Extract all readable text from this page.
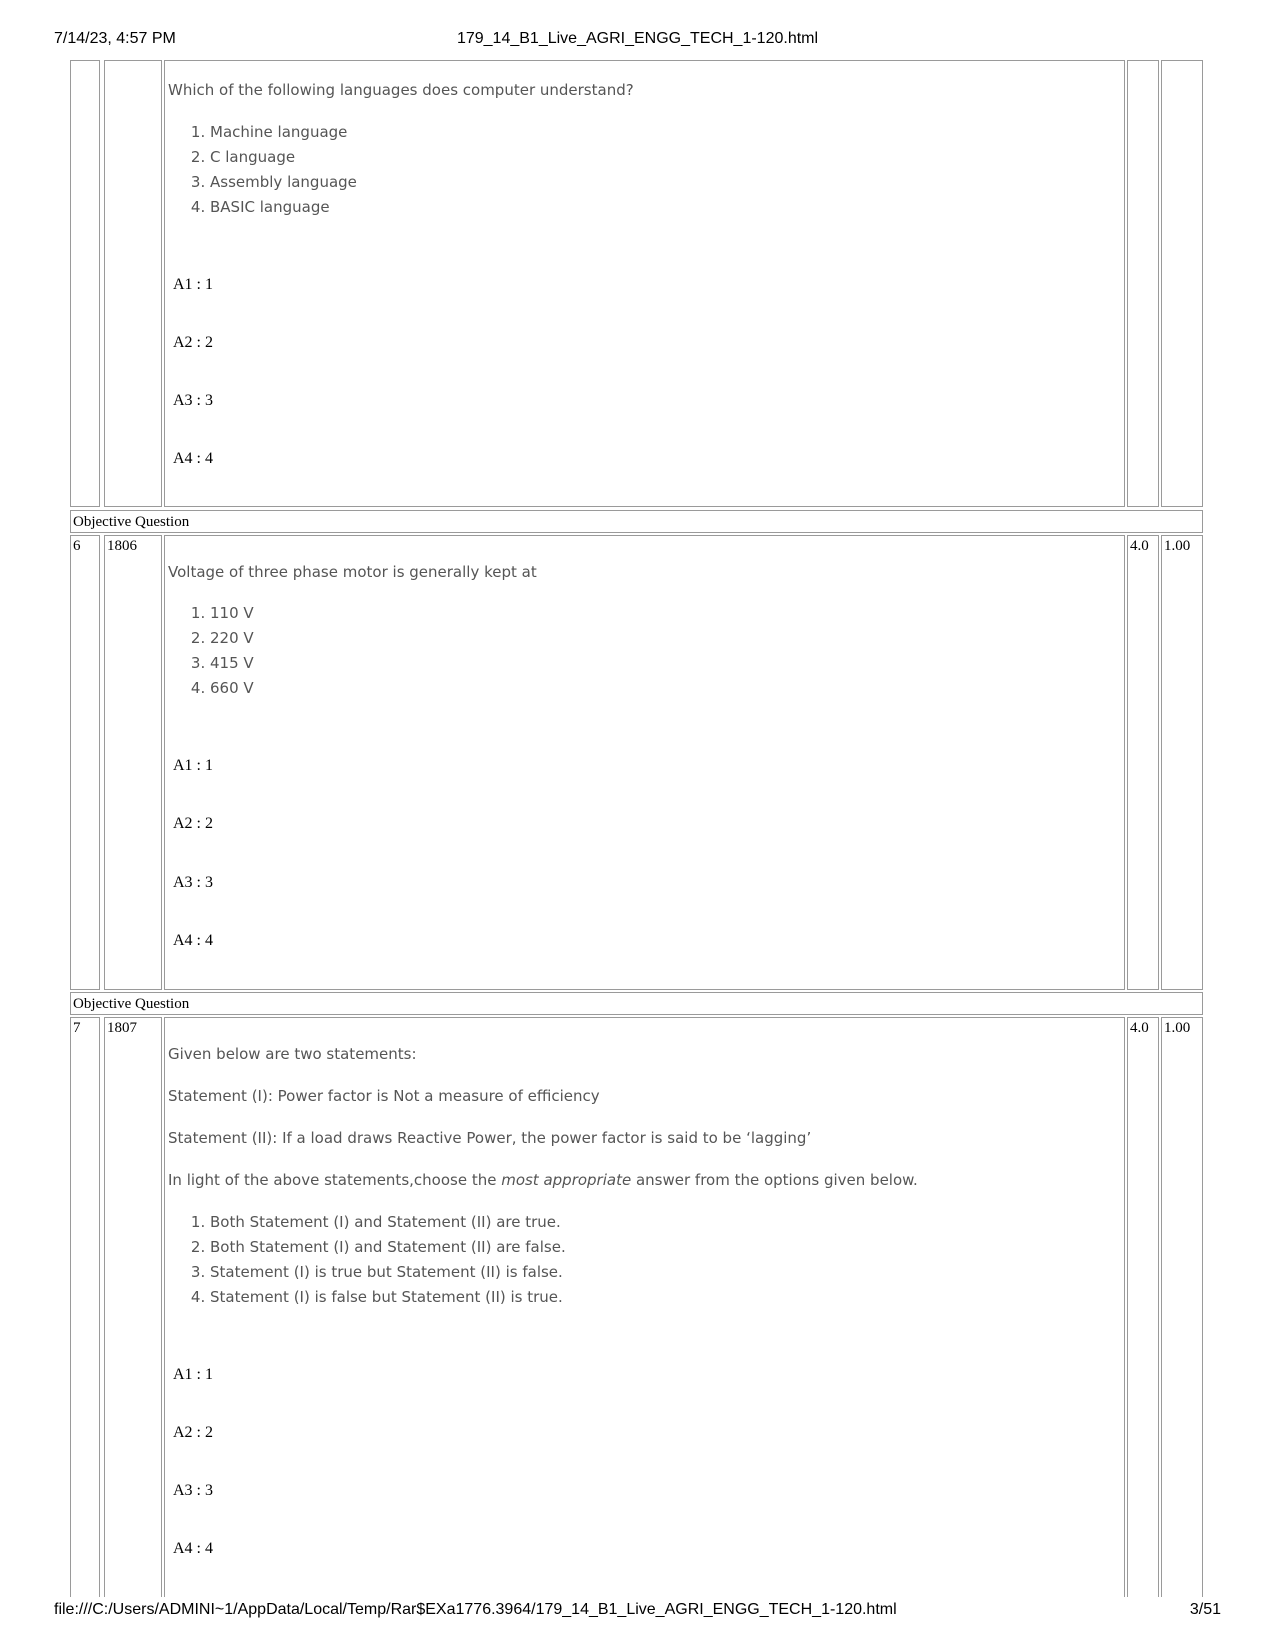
7/14/23, 4:57 PM	179_14_B1_Live_AGRI_ENGG_TECH_1-120.html
Which of the following languages does computer understand?
1. Machine language
2. C language
3. Assembly language
4. BASIC language
A1 : 1
A2 : 2
A3 : 3
A4 : 4
Objective Question
6 1806	4.0 1.00
Voltage of three phase motor is generally kept at
1. 110 V
2. 220 V
3. 415 V
4. 660 V
A1 : 1
A2 : 2
A3 : 3
A4 : 4
Objective Question
7 1807	4.0 1.00
Given below are two statements:
Statement (I): Power factor is Not a measure of efficiency
Statement (II): If a load draws Reactive Power, the power factor is said to be ‘lagging’
In light of the above statements,choose the most appropriate answer from the options given below.
1. Both Statement (I) and Statement (II) are true.
2. Both Statement (I) and Statement (II) are false.
3. Statement (I) is true but Statement (II) is false.
4. Statement (I) is false but Statement (II) is true.
A1 : 1
A2 : 2
A3 : 3
A4 : 4
file:///C:/Users/ADMINI~1/AppData/Local/Temp/Rar$EXa1776.3964/179_14_B1_Live_AGRI_ENGG_TECH_1-120.html	3/51
